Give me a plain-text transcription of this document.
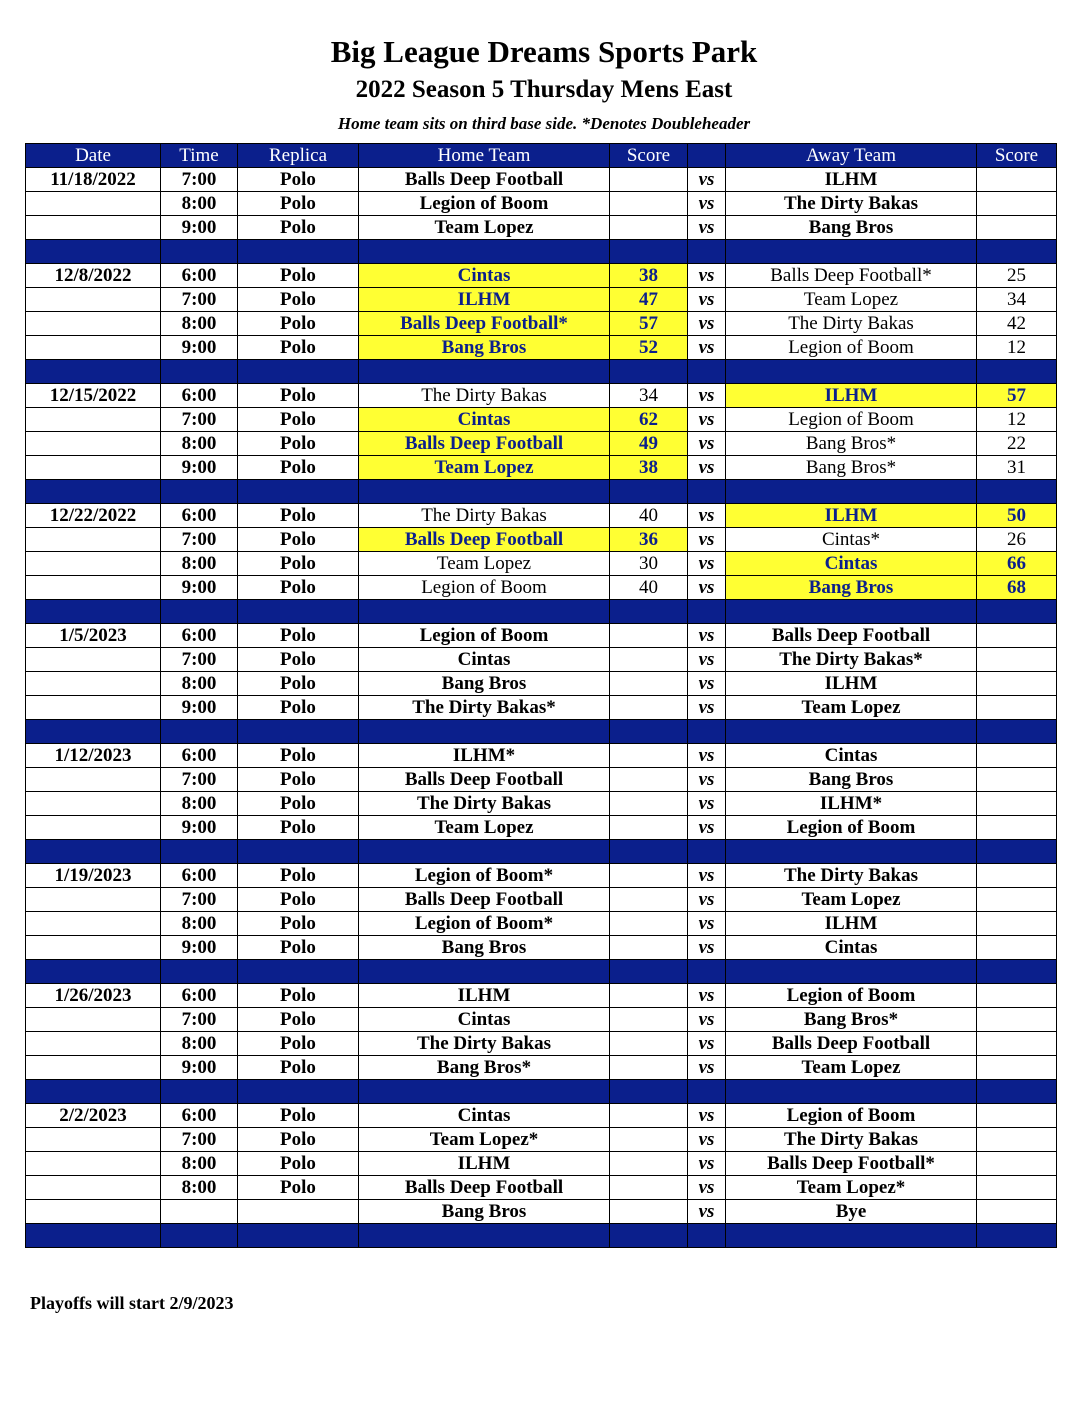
Big League Dreams Sports Park
2022 Season 5 Thursday Mens East
Home team sits on third base side. *Denotes Doubleheader
Date	Time	Replica	Home Team	Score		Away Team	Score
11/18/2022	7:00	Polo	Balls Deep Football		vs	ILHM	
	8:00	Polo	Legion of Boom		vs	The Dirty Bakas	
	9:00	Polo	Team Lopez		vs	Bang Bros	

12/8/2022	6:00	Polo	Cintas	38	vs	Balls Deep Football*	25
	7:00	Polo	ILHM	47	vs	Team Lopez	34
	8:00	Polo	Balls Deep Football*	57	vs	The Dirty Bakas	42
	9:00	Polo	Bang Bros	52	vs	Legion of Boom	12

12/15/2022	6:00	Polo	The Dirty Bakas	34	vs	ILHM	57
	7:00	Polo	Cintas	62	vs	Legion of Boom	12
	8:00	Polo	Balls Deep Football	49	vs	Bang Bros*	22
	9:00	Polo	Team Lopez	38	vs	Bang Bros*	31

12/22/2022	6:00	Polo	The Dirty Bakas	40	vs	ILHM	50
	7:00	Polo	Balls Deep Football	36	vs	Cintas*	26
	8:00	Polo	Team Lopez	30	vs	Cintas	66
	9:00	Polo	Legion of Boom	40	vs	Bang Bros	68

1/5/2023	6:00	Polo	Legion of Boom		vs	Balls Deep Football	
	7:00	Polo	Cintas		vs	The Dirty Bakas*	
	8:00	Polo	Bang Bros		vs	ILHM	
	9:00	Polo	The Dirty Bakas*		vs	Team Lopez	

1/12/2023	6:00	Polo	ILHM*		vs	Cintas	
	7:00	Polo	Balls Deep Football		vs	Bang Bros	
	8:00	Polo	The Dirty Bakas		vs	ILHM*	
	9:00	Polo	Team Lopez		vs	Legion of Boom	

1/19/2023	6:00	Polo	Legion of Boom*		vs	The Dirty Bakas	
	7:00	Polo	Balls Deep Football		vs	Team Lopez	
	8:00	Polo	Legion of Boom*		vs	ILHM	
	9:00	Polo	Bang Bros		vs	Cintas	

1/26/2023	6:00	Polo	ILHM		vs	Legion of Boom	
	7:00	Polo	Cintas		vs	Bang Bros*	
	8:00	Polo	The Dirty Bakas		vs	Balls Deep Football	
	9:00	Polo	Bang Bros*		vs	Team Lopez	

2/2/2023	6:00	Polo	Cintas		vs	Legion of Boom	
	7:00	Polo	Team Lopez*		vs	The Dirty Bakas	
	8:00	Polo	ILHM		vs	Balls Deep Football*	
	8:00	Polo	Balls Deep Football		vs	Team Lopez*	
			Bang Bros		vs	Bye	

Playoffs will start 2/9/2023
